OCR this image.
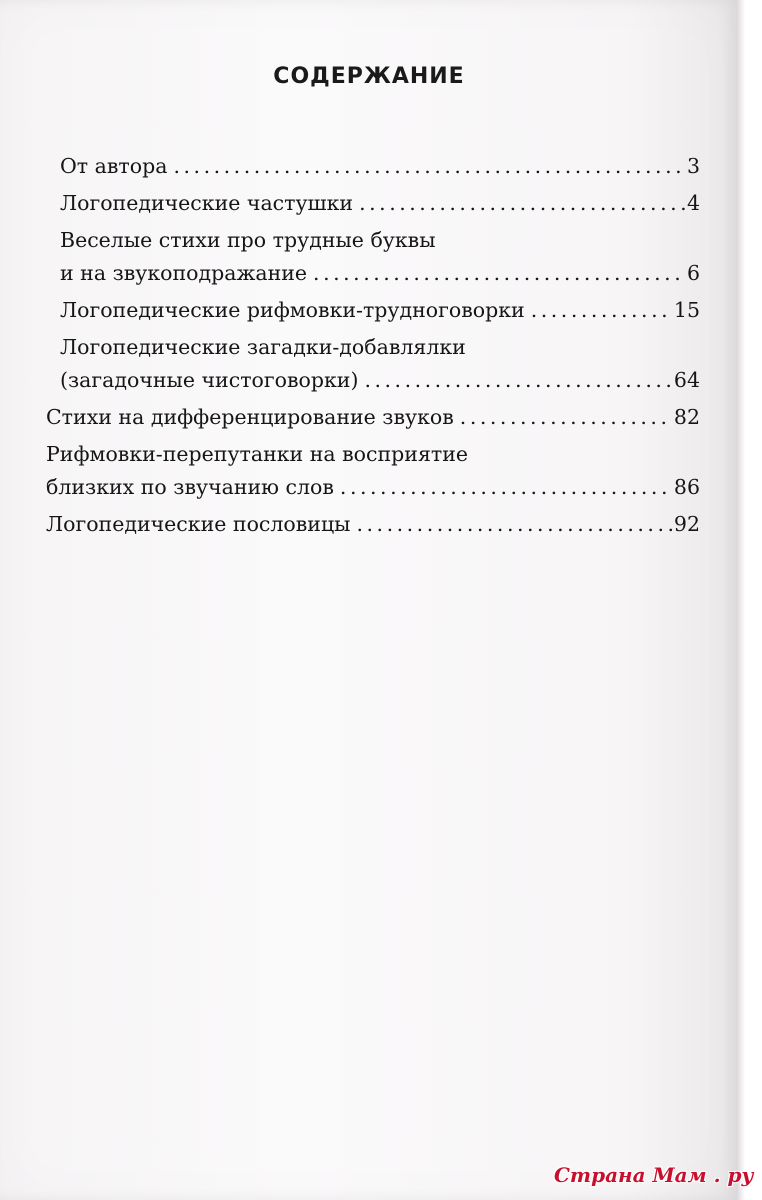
СОДЕРЖАНИЕ
От автора . . .	3
Логопедические частушки . . .	4
Веселые стихи про трудные буквы
и на звукоподражание . . .	6
Логопедические рифмовки-трудноговорки . . .	15
Логопедические загадки-добавлялки
(загадочные чистоговорки) . . .	64
Стихи на дифференцирование звуков . . .	82
Рифмовки-перепутанки на восприятие
близких по звучанию слов . . .	86
Логопедические пословицы . . .	92
Страна Мам . ру
